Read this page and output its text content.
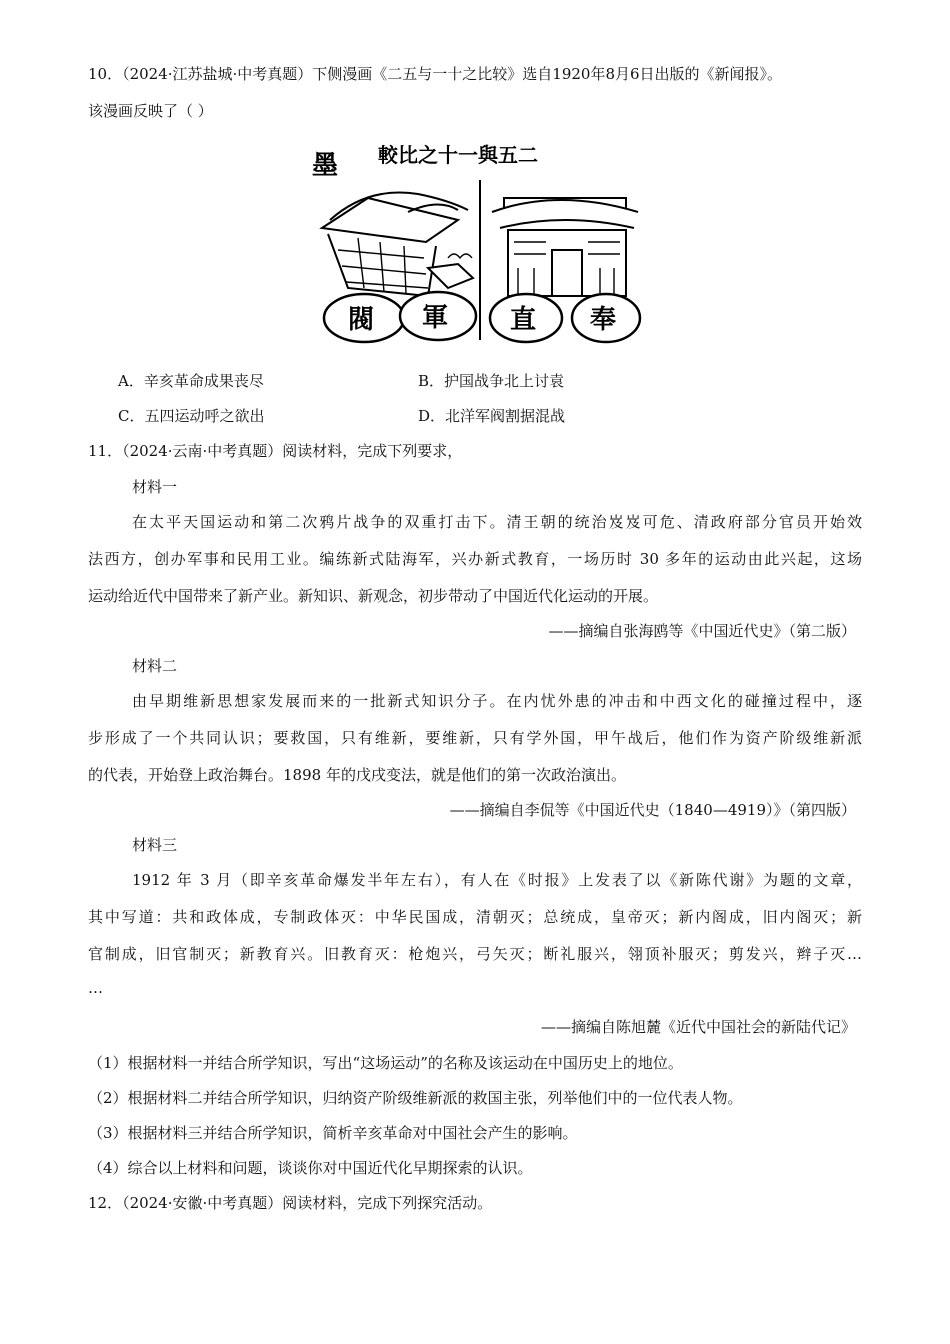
10．（2024·江苏盐城·中考真题）下侧漫画《二五与一十之比较》选自1920年8月6日出版的《新闻报》。
该漫画反映了（ ）
墨 較比之十一與五二
閥 軍 直 奉
A．辛亥革命成果丧尽	B．护国战争北上讨袁
C．五四运动呼之欲出	D．北洋军阀割据混战
11．（2024·云南·中考真题）阅读材料，完成下列要求，
材料一
在太平天国运动和第二次鸦片战争的双重打击下。清王朝的统治岌岌可危、清政府部分官员开始效
法西方，创办军事和民用工业。编练新式陆海军，兴办新式教育，一场历时 30 多年的运动由此兴起，这场
运动给近代中国带来了新产业。新知识、新观念，初步带动了中国近代化运动的开展。
——摘编自张海鸥等《中国近代史》（第二版）
材料二
由早期维新思想家发展而来的一批新式知识分子。在内忧外患的冲击和中西文化的碰撞过程中，逐
步形成了一个共同认识；要救国，只有维新，要维新，只有学外国，甲午战后，他们作为资产阶级维新派
的代表，开始登上政治舞台。1898 年的戊戌变法，就是他们的第一次政治演出。
——摘编自李侃等《中国近代史（1840—4919）》（第四版）
材料三
1912 年 3 月（即辛亥革命爆发半年左右），有人在《时报》上发表了以《新陈代谢》为题的文章，
其中写道：共和政体成，专制政体灭：中华民国成，清朝灭；总统成，皇帝灭；新内阁成，旧内阁灭；新
官制成，旧官制灭；新教育兴。旧教育灭：枪炮兴，弓矢灭；断礼服兴，翎顶补服灭；剪发兴，辫子灭…
…
——摘编自陈旭麓《近代中国社会的新陆代记》
（1）根据材料一并结合所学知识，写出“这场运动”的名称及该运动在中国历史上的地位。
（2）根据材料二并结合所学知识，归纳资产阶级维新派的救国主张，列举他们中的一位代表人物。
（3）根据材料三并结合所学知识，简析辛亥革命对中国社会产生的影响。
（4）综合以上材料和问题，谈谈你对中国近代化早期探索的认识。
12．（2024·安徽·中考真题）阅读材料，完成下列探究活动。
